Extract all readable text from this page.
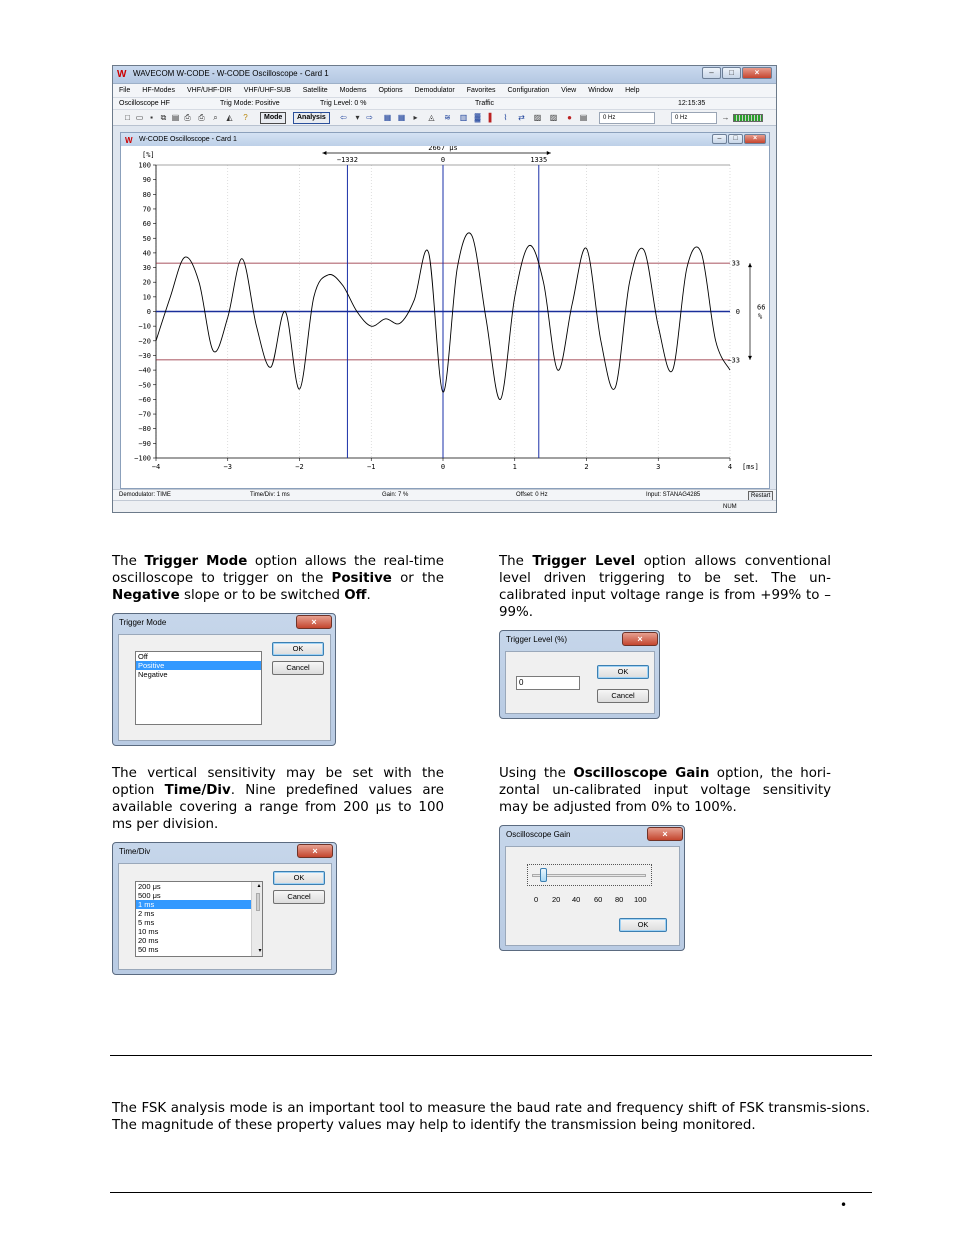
W WAVECOM W-CODE - W-CODE Oscilloscope - Card 1	–	□	×
File HF-Modes VHF/UHF-DIR VHF/UHF-SUB Satellite Modems Options Demodulator Favorites Configuration View Window Help
Oscilloscope HF	Trig Mode: Positive	Trig Level: 0 %	Traffic	12:15:35
□ ▭ ▪ ⧉ ▤ ⎙ ⎙ ⌕ ◭ ?	Mode	Analysis	⇦	▾ ⇨ ▦ ▦	▸	◬ ≋ ▥ ▓ ▌	⌇	⇄ ▨ ▨ ● ▤	0 Hz	0 Hz	→
W W-CODE Oscilloscope - Card 1	–	□	×
100
90
80
70
60
50
40
30
20
10
0
−10
−20
−30
−40
−50
−60
−70
−80
−90
−100
−4	−3	−2	−1	0	1	2	3	4
[%]
[ms]
−1332	0	1335
2667 μs
33
0
−33
66
%
Demodulator: TIME	Time/Div: 1 ms	Gain: 7 %	Offset: 0 Hz	Input: STANAG4285	Restart
NUM
The Trigger Mode option allows the real-time oscilloscope to trigger on the Positive or the Negative slope or to be switched Off.
The Trigger Level option allows conventional level driven triggering to be set. The un-calibrated input voltage range is from +99% to –99%.
The vertical sensitivity may be set with the option Time/Div. Nine predefined values are available covering a range from 200 μs to 100 ms per division.
Using the Oscilloscope Gain option, the hori-zontal un-calibrated input voltage sensitivity may be adjusted from 0% to 100%.
Trigger Mode	×
Off
Positive
Negative
OK
Cancel
Trigger Level (%)	×
0
OK
Cancel
Time/Div	×
200 μs
500 μs
1 ms
2 ms
5 ms
10 ms
20 ms
50 ms
▴
▾
OK
Cancel
Oscilloscope Gain	×
0 20 40 60 80 100
OK
The FSK analysis mode is an important tool to measure the baud rate and frequency shift of FSK transmis-sions. The magnitude of these property values may help to identify the transmission being monitored.
•
